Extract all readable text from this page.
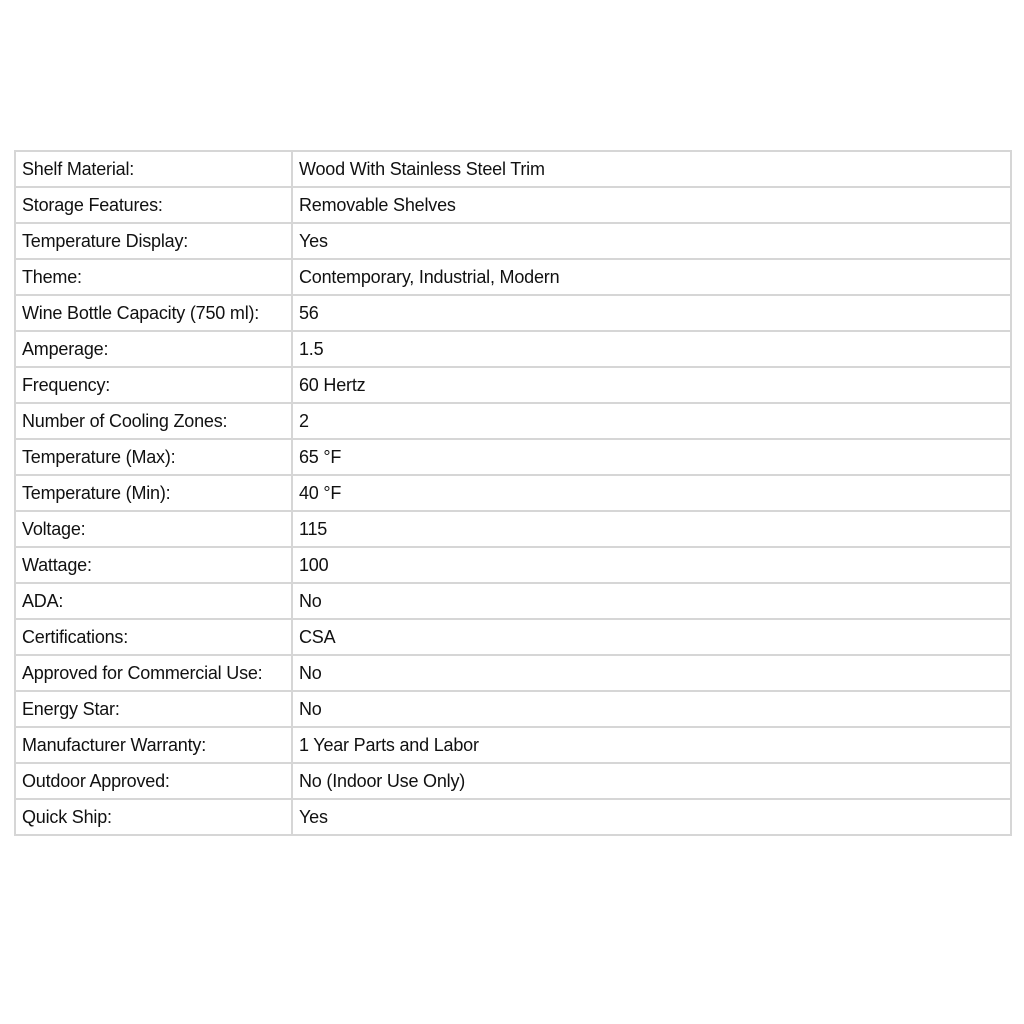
Shelf Material:	Wood With Stainless Steel Trim
Storage Features:	Removable Shelves
Temperature Display:	Yes
Theme:	Contemporary, Industrial, Modern
Wine Bottle Capacity (750 ml):	56
Amperage:	1.5
Frequency:	60 Hertz
Number of Cooling Zones:	2
Temperature (Max):	65 °F
Temperature (Min):	40 °F
Voltage:	115
Wattage:	100
ADA:	No
Certifications:	CSA
Approved for Commercial Use:	No
Energy Star:	No
Manufacturer Warranty:	1 Year Parts and Labor
Outdoor Approved:	No (Indoor Use Only)
Quick Ship:	Yes
